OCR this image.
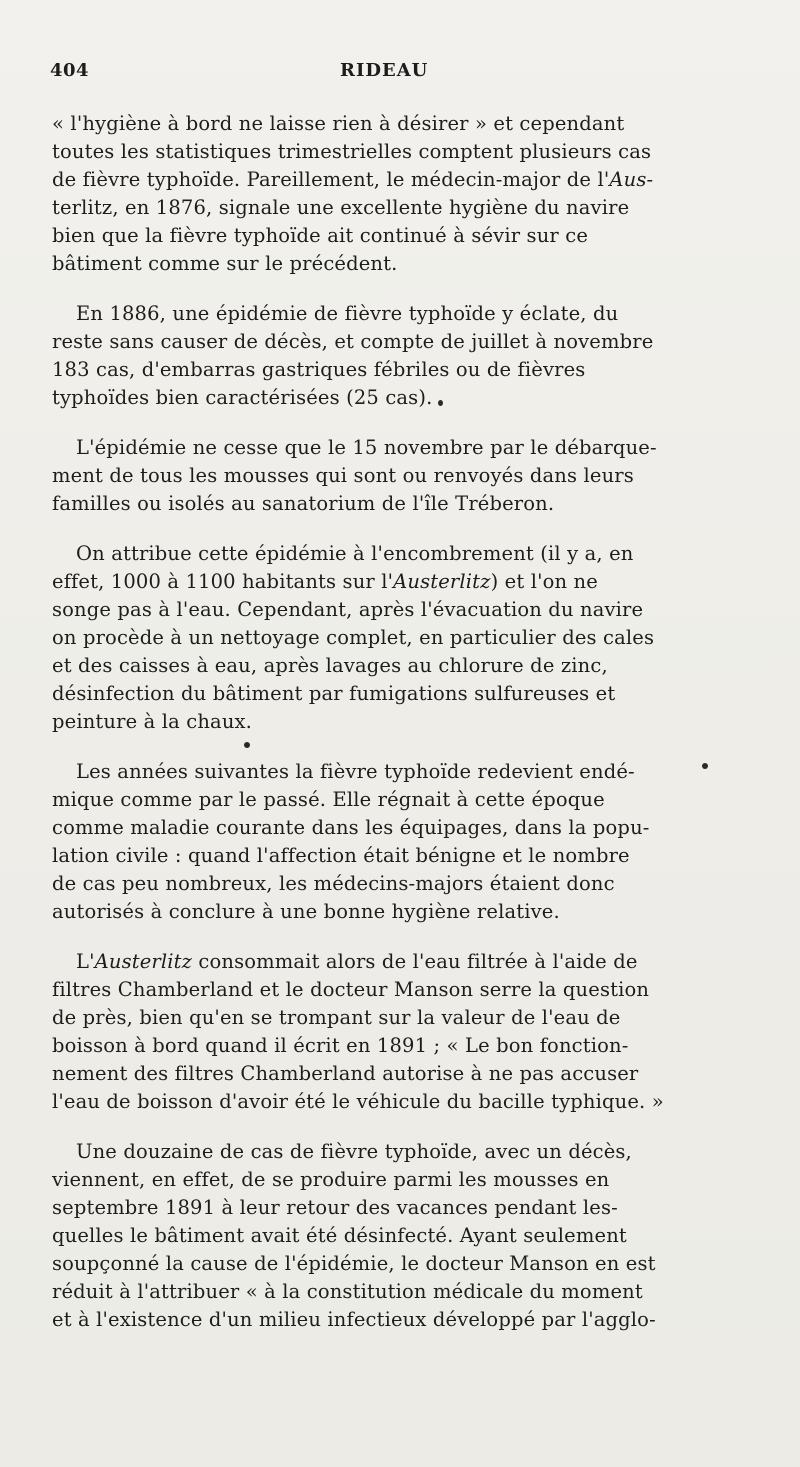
404	RIDEAU
« l'hygiène à bord ne laisse rien à désirer » et cependant
toutes les statistiques trimestrielles comptent plusieurs cas
de fièvre typhoïde. Pareillement, le médecin-major de l'Aus-
terlitz, en 1876, signale une excellente hygiène du navire
bien que la fièvre typhoïde ait continué à sévir sur ce
bâtiment comme sur le précédent.
En 1886, une épidémie de fièvre typhoïde y éclate, du
reste sans causer de décès, et compte de juillet à novembre
183 cas, d'embarras gastriques fébriles ou de fièvres
typhoïdes bien caractérisées (25 cas).
L'épidémie ne cesse que le 15 novembre par le débarque-
ment de tous les mousses qui sont ou renvoyés dans leurs
familles ou isolés au sanatorium de l'île Tréberon.
On attribue cette épidémie à l'encombrement (il y a, en
effet, 1000 à 1100 habitants sur l'Austerlitz) et l'on ne
songe pas à l'eau. Cependant, après l'évacuation du navire
on procède à un nettoyage complet, en particulier des cales
et des caisses à eau, après lavages au chlorure de zinc,
désinfection du bâtiment par fumigations sulfureuses et
peinture à la chaux.
Les années suivantes la fièvre typhoïde redevient endé-
mique comme par le passé. Elle régnait à cette époque
comme maladie courante dans les équipages, dans la popu-
lation civile : quand l'affection était bénigne et le nombre
de cas peu nombreux, les médecins-majors étaient donc
autorisés à conclure à une bonne hygiène relative.
L'Austerlitz consommait alors de l'eau filtrée à l'aide de
filtres Chamberland et le docteur Manson serre la question
de près, bien qu'en se trompant sur la valeur de l'eau de
boisson à bord quand il écrit en 1891 ; « Le bon fonction-
nement des filtres Chamberland autorise à ne pas accuser
l'eau de boisson d'avoir été le véhicule du bacille typhique. »
Une douzaine de cas de fièvre typhoïde, avec un décès,
viennent, en effet, de se produire parmi les mousses en
septembre 1891 à leur retour des vacances pendant les-
quelles le bâtiment avait été désinfecté. Ayant seulement
soupçonné la cause de l'épidémie, le docteur Manson en est
réduit à l'attribuer « à la constitution médicale du moment
et à l'existence d'un milieu infectieux développé par l'agglo-
